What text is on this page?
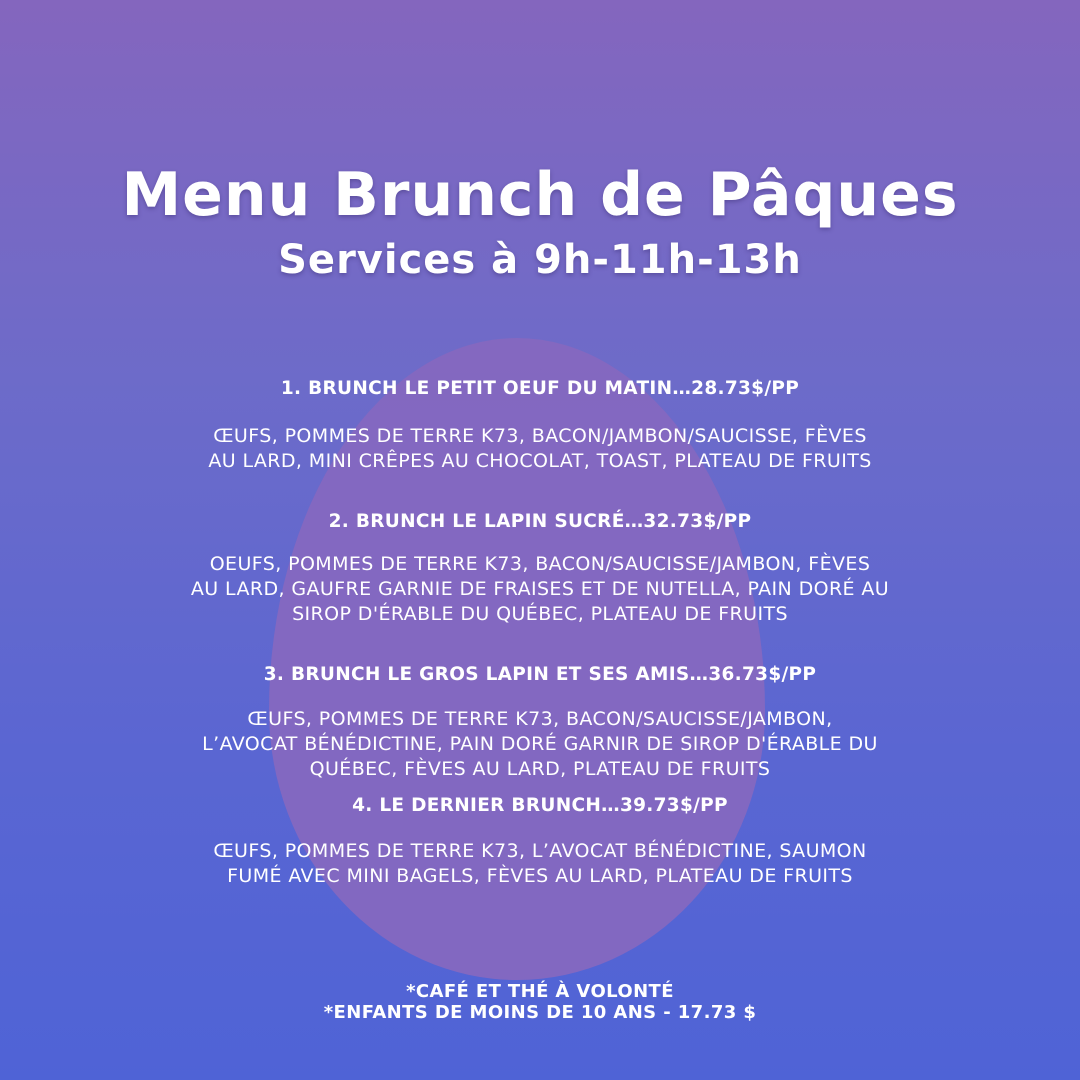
Menu Brunch de Pâques
Services à 9h-11h-13h
1. BRUNCH LE PETIT OEUF DU MATIN…28.73$/PP
ŒUFS, POMMES DE TERRE K73, BACON/JAMBON/SAUCISSE, FÈVES
AU LARD, MINI CRÊPES AU CHOCOLAT, TOAST, PLATEAU DE FRUITS
2. BRUNCH LE LAPIN SUCRÉ…32.73$/PP
OEUFS, POMMES DE TERRE K73, BACON/SAUCISSE/JAMBON, FÈVES
AU LARD, GAUFRE GARNIE DE FRAISES ET DE NUTELLA, PAIN DORÉ AU
SIROP D'ÉRABLE DU QUÉBEC, PLATEAU DE FRUITS
3. BRUNCH LE GROS LAPIN ET SES AMIS…36.73$/PP
ŒUFS, POMMES DE TERRE K73, BACON/SAUCISSE/JAMBON,
L’AVOCAT BÉNÉDICTINE, PAIN DORÉ GARNIR DE SIROP D'ÉRABLE DU
QUÉBEC, FÈVES AU LARD, PLATEAU DE FRUITS
4. LE DERNIER BRUNCH…39.73$/PP
ŒUFS, POMMES DE TERRE K73, L’AVOCAT BÉNÉDICTINE, SAUMON
FUMÉ AVEC MINI BAGELS, FÈVES AU LARD, PLATEAU DE FRUITS
*CAFÉ ET THÉ À VOLONTÉ
*ENFANTS DE MOINS DE 10 ANS - 17.73 $
